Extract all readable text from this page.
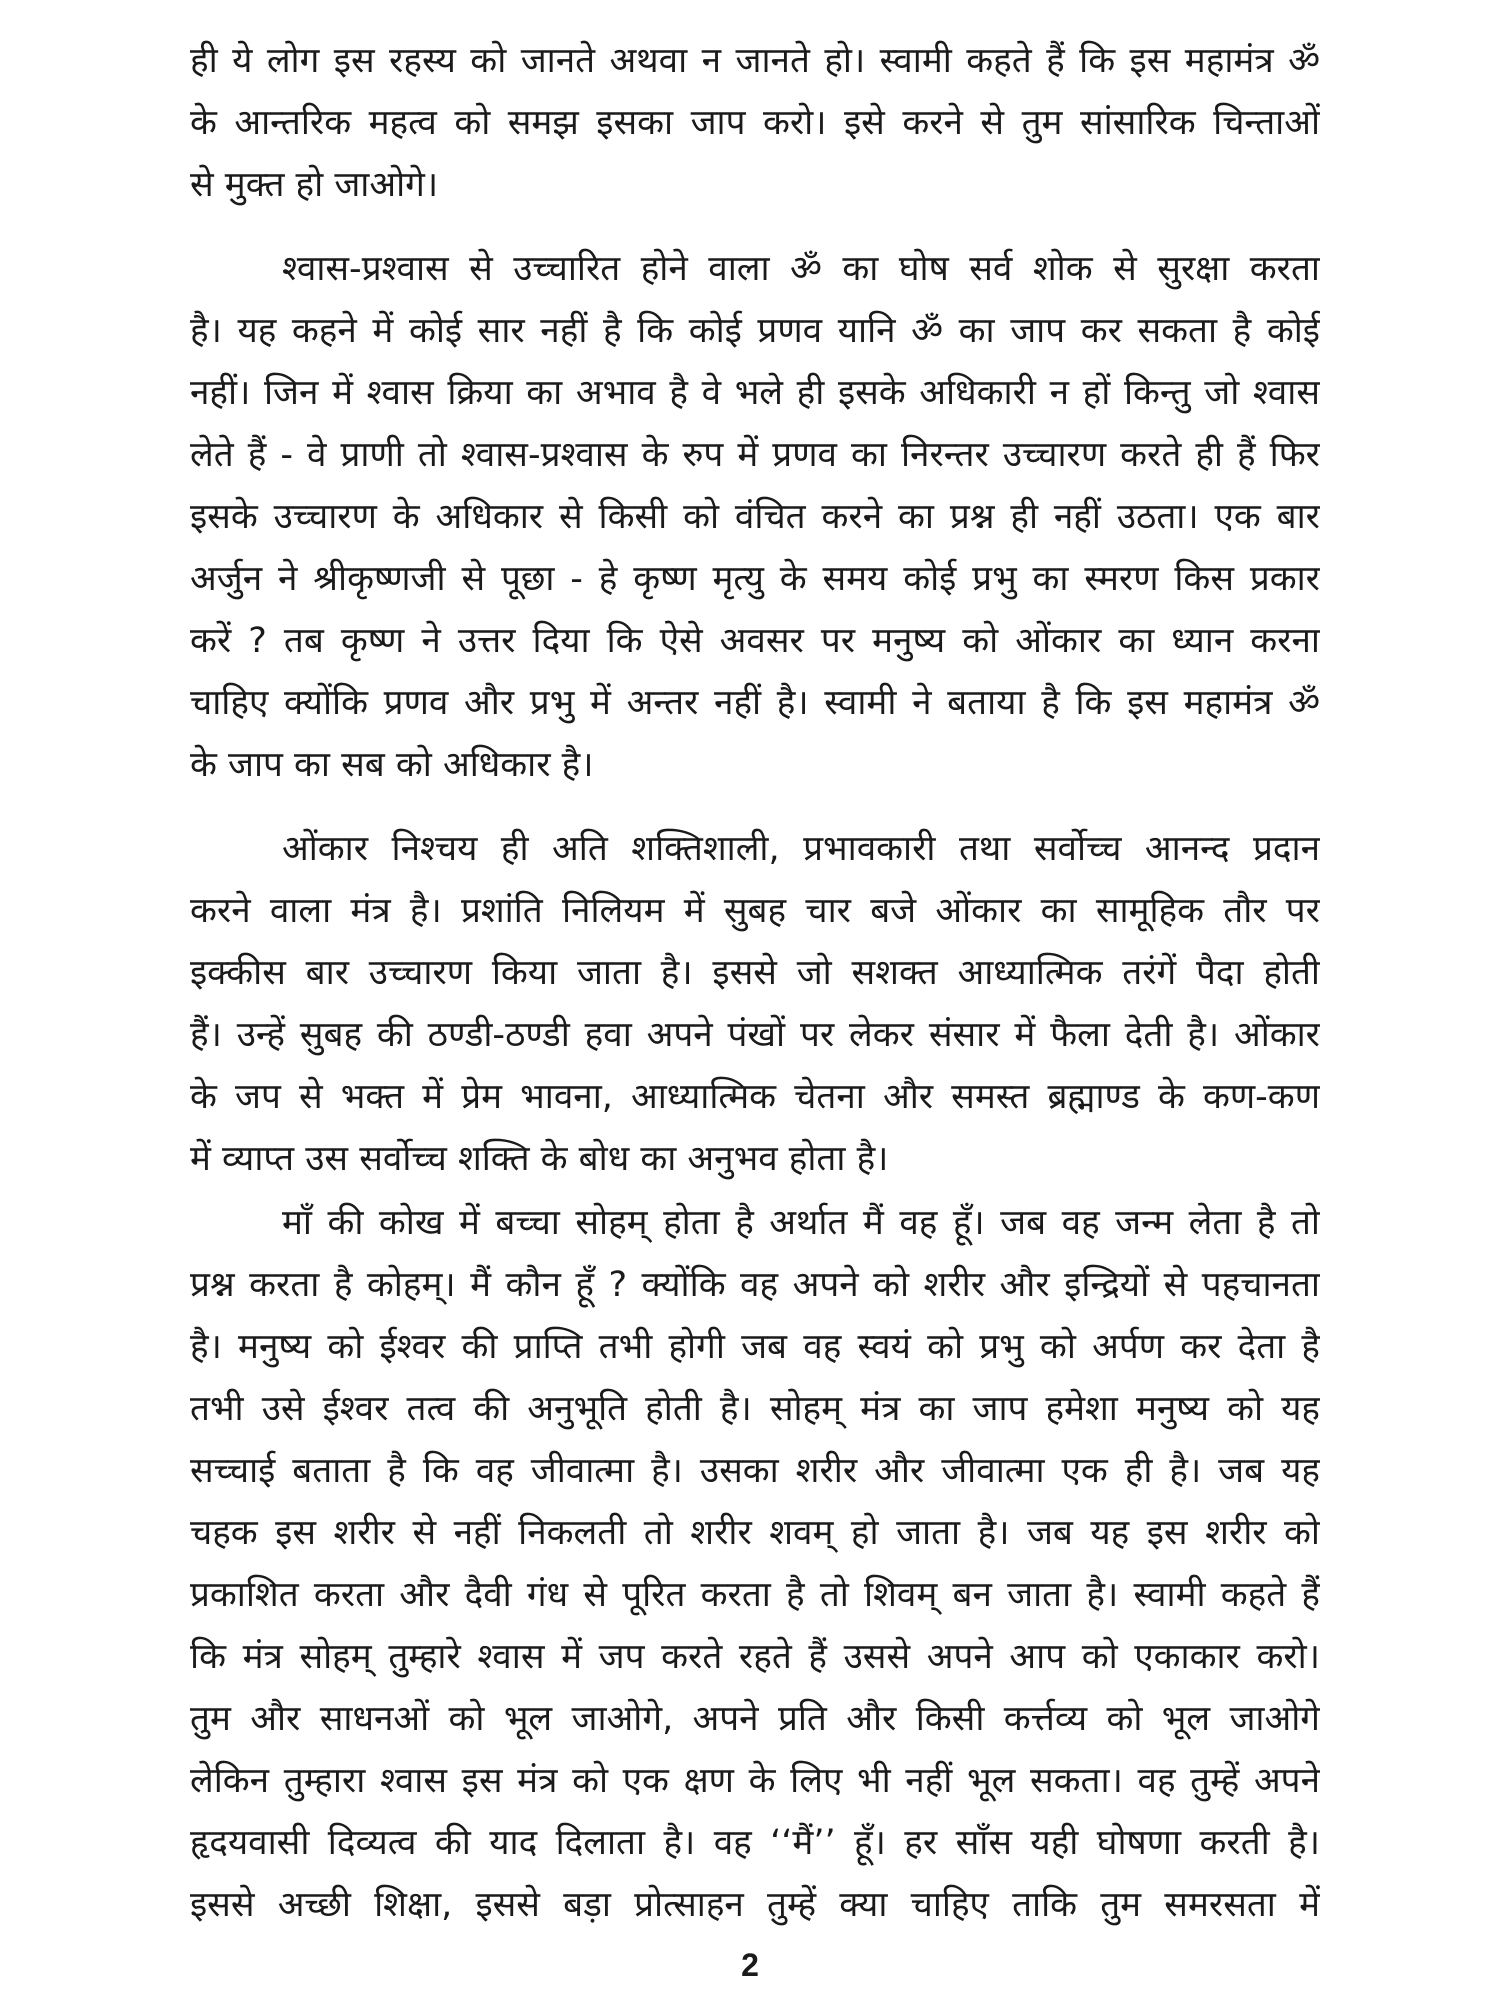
ही ये लोग इस रहस्य को जानते अथवा न जानते हो। स्वामी कहते हैं कि इस महामंत्र ॐ
के आन्तरिक महत्व को समझ इसका जाप करो। इसे करने से तुम सांसारिक चिन्ताओं
से मुक्त हो जाओगे।
श्वास-प्रश्वास से उच्चारित होने वाला ॐ का घोष सर्व शोक से सुरक्षा करता
है। यह कहने में कोई सार नहीं है कि कोई प्रणव यानि ॐ का जाप कर सकता है कोई
नहीं। जिन में श्वास क्रिया का अभाव है वे भले ही इसके अधिकारी न हों किन्तु जो श्वास
लेते हैं - वे प्राणी तो श्वास-प्रश्वास के रुप में प्रणव का निरन्तर उच्चारण करते ही हैं फिर
इसके उच्चारण के अधिकार से किसी को वंचित करने का प्रश्न ही नहीं उठता। एक बार
अर्जुन ने श्रीकृष्णजी से पूछा - हे कृष्ण मृत्यु के समय कोई प्रभु का स्मरण किस प्रकार
करें ? तब कृष्ण ने उत्तर दिया कि ऐसे अवसर पर मनुष्य को ओंकार का ध्यान करना
चाहिए क्योंकि प्रणव और प्रभु में अन्तर नहीं है। स्वामी ने बताया है कि इस महामंत्र ॐ
के जाप का सब को अधिकार है।
ओंकार निश्चय ही अति शक्तिशाली, प्रभावकारी तथा सर्वोच्च आनन्द प्रदान
करने वाला मंत्र है। प्रशांति निलियम में सुबह चार बजे ओंकार का सामूहिक तौर पर
इक्कीस बार उच्चारण किया जाता है। इससे जो सशक्त आध्यात्मिक तरंगें पैदा होती
हैं। उन्हें सुबह की ठण्डी-ठण्डी हवा अपने पंखों पर लेकर संसार में फैला देती है। ओंकार
के जप से भक्त में प्रेम भावना, आध्यात्मिक चेतना और समस्त ब्रह्माण्ड के कण-कण
में व्याप्त उस सर्वोच्च शक्ति के बोध का अनुभव होता है।
माँ की कोख में बच्चा सोहम् होता है अर्थात मैं वह हूँ। जब वह जन्म लेता है तो
प्रश्न करता है कोहम्। मैं कौन हूँ ? क्योंकि वह अपने को शरीर और इन्द्रियों से पहचानता
है। मनुष्य को ईश्वर की प्राप्ति तभी होगी जब वह स्वयं को प्रभु को अर्पण कर देता है
तभी उसे ईश्वर तत्व की अनुभूति होती है। सोहम् मंत्र का जाप हमेशा मनुष्य को यह
सच्चाई बताता है कि वह जीवात्मा है। उसका शरीर और जीवात्मा एक ही है। जब यह
चहक इस शरीर से नहीं निकलती तो शरीर शवम् हो जाता है। जब यह इस शरीर को
प्रकाशित करता और दैवी गंध से पूरित करता है तो शिवम् बन जाता है। स्वामी कहते हैं
कि मंत्र सोहम् तुम्हारे श्वास में जप करते रहते हैं उससे अपने आप को एकाकार करो।
तुम और साधनओं को भूल जाओगे, अपने प्रति और किसी कर्त्तव्य को भूल जाओगे
लेकिन तुम्हारा श्वास इस मंत्र को एक क्षण के लिए भी नहीं भूल सकता। वह तुम्हें अपने
हृदयवासी दिव्यत्व की याद दिलाता है। वह ‘‘मैं’’ हूँ। हर साँस यही घोषणा करती है।
इससे अच्छी शिक्षा, इससे बड़ा प्रोत्साहन तुम्हें क्या चाहिए ताकि तुम समरसता में
2
